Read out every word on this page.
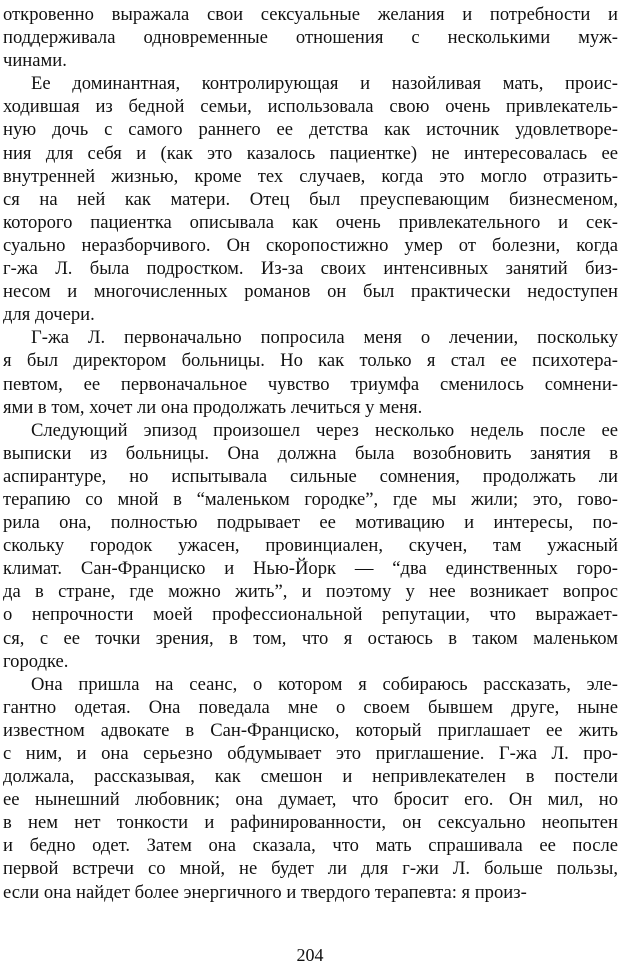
откровенно выражала свои сексуальные желания и потребности и
поддерживала одновременные отношения с несколькими муж-
чинами.
Ее доминантная, контролирующая и назойливая мать, проис-
ходившая из бедной семьи, использовала свою очень привлекатель-
ную дочь с самого раннего ее детства как источник удовлетворе-
ния для себя и (как это казалось пациентке) не интересовалась ее
внутренней жизнью, кроме тех случаев, когда это могло отразить-
ся на ней как матери. Отец был преуспевающим бизнесменом,
которого пациентка описывала как очень привлекательного и сек-
суально неразборчивого. Он скоропостижно умер от болезни, когда
г-жа Л. была подростком. Из-за своих интенсивных занятий биз-
несом и многочисленных романов он был практически недоступен
для дочери.
Г-жа Л. первоначально попросила меня о лечении, поскольку
я был директором больницы. Но как только я стал ее психотера-
певтом, ее первоначальное чувство триумфа сменилось сомнени-
ями в том, хочет ли она продолжать лечиться у меня.
Следующий эпизод произошел через несколько недель после ее
выписки из больницы. Она должна была возобновить занятия в
аспирантуре, но испытывала сильные сомнения, продолжать ли
терапию со мной в “маленьком городке”, где мы жили; это, гово-
рила она, полностью подрывает ее мотивацию и интересы, по-
скольку городок ужасен, провинциален, скучен, там ужасный
климат. Сан-Франциско и Нью-Йорк — “два единственных горо-
да в стране, где можно жить”, и поэтому у нее возникает вопрос
о непрочности моей профессиональной репутации, что выражает-
ся, с ее точки зрения, в том, что я остаюсь в таком маленьком
городке.
Она пришла на сеанс, о котором я собираюсь рассказать, эле-
гантно одетая. Она поведала мне о своем бывшем друге, ныне
известном адвокате в Сан-Франциско, который приглашает ее жить
с ним, и она серьезно обдумывает это приглашение. Г-жа Л. про-
должала, рассказывая, как смешон и непривлекателен в постели
ее нынешний любовник; она думает, что бросит его. Он мил, но
в нем нет тонкости и рафинированности, он сексуально неопытен
и бедно одет. Затем она сказала, что мать спрашивала ее после
первой встречи со мной, не будет ли для г-жи Л. больше пользы,
если она найдет более энергичного и твердого терапевта: я произ-
204
